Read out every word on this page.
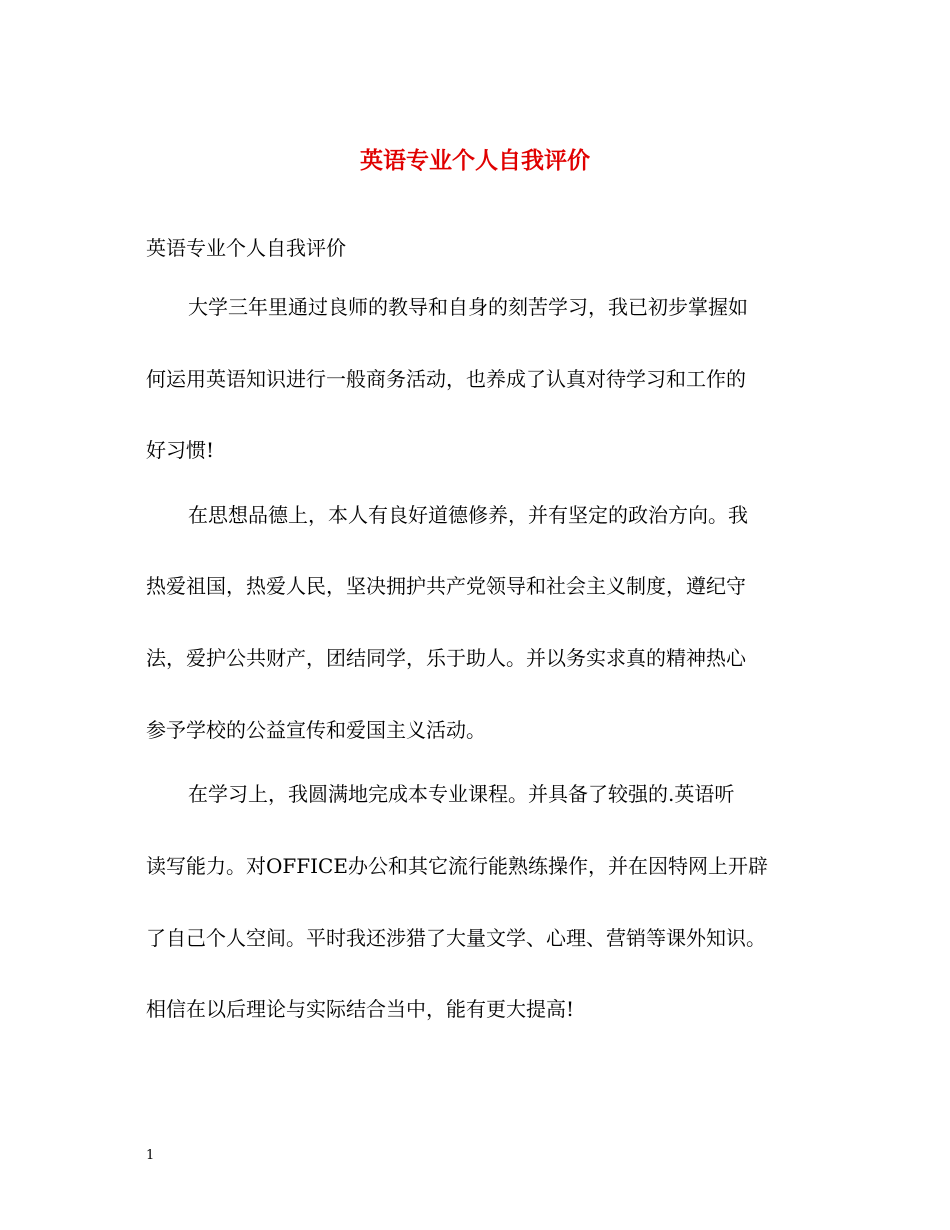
英语专业个人自我评价
英语专业个人自我评价
大学三年里通过良师的教导和自身的刻苦学习，我已初步掌握如
何运用英语知识进行一般商务活动，也养成了认真对待学习和工作的
好习惯!
在思想品德上，本人有良好道德修养，并有坚定的政治方向。我
热爱祖国，热爱人民，坚决拥护共产党领导和社会主义制度，遵纪守
法，爱护公共财产，团结同学，乐于助人。并以务实求真的精神热心
参予学校的公益宣传和爱国主义活动。
在学习上，我圆满地完成本专业课程。并具备了较强的.英语听
读写能力。对OFFICE办公和其它流行能熟练操作，并在因特网上开辟
了自己个人空间。平时我还涉猎了大量文学、心理、营销等课外知识。
相信在以后理论与实际结合当中，能有更大提高!
1
